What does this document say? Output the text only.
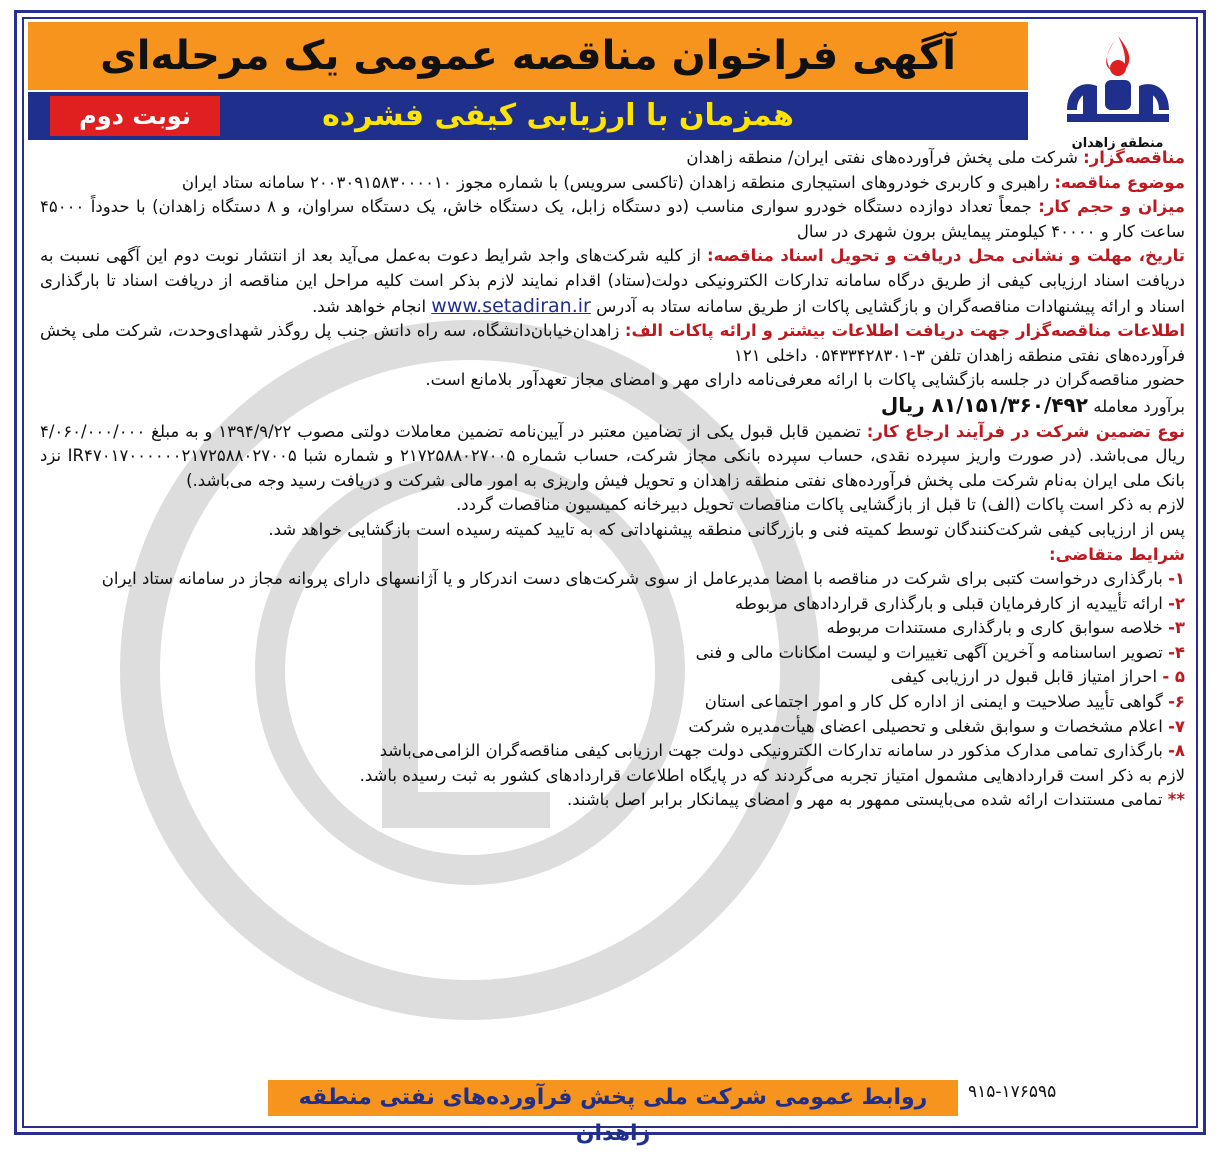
آگهی فراخوان مناقصه عمومی یک مرحله‌ای
نوبت دوم	همزمان با ارزیابی کیفی فشرده
منطقه زاهدان

مناقصه‌گزار: شرکت ملی پخش فرآورده‌های نفتی ایران/ منطقه زاهدان

موضوع مناقصه: راهبری و کاربری خودروهای استیجاری منطقه زاهدان (تاکسی سرویس) با شماره مجوز ۲۰۰۳۰۹۱۵۸۳۰۰۰۰۱۰ سامانه ستاد ایران

میزان و حجم کار: جمعاً تعداد دوازده دستگاه خودرو سواری مناسب (دو دستگاه زابل، یک دستگاه خاش، یک دستگاه سراوان، و ۸ دستگاه زاهدان) با حدوداً ۴۵۰۰۰ ساعت کار و ۴۰۰۰۰ کیلومتر پیمایش برون شهری در سال

تاریخ، مهلت و نشانی محل دریافت و تحویل اسناد مناقصه: از کلیه شرکت‌های واجد شرایط دعوت به‌عمل می‌آید بعد از انتشار نوبت دوم این آگهی نسبت به دریافت اسناد ارزیابی کیفی از طریق درگاه سامانه تدارکات الکترونیکی دولت(ستاد) اقدام نمایند لازم بذکر است کلیه مراحل این مناقصه از دریافت اسناد تا بارگذاری اسناد و ارائه پیشنهادات مناقصه‌گران و بازگشایی پاکات از طریق سامانه ستاد به آدرس www.setadiran.ir انجام خواهد شد.

اطلاعات مناقصه‌گزار جهت دریافت اطلاعات بیشتر و ارائه پاکات الف: زاهدان‌خیابان‌دانشگاه، سه راه دانش جنب پل روگذر شهدای‌وحدت، شرکت ملی پخش فرآورده‌های نفتی منطقه زاهدان تلفن ۳-۰۵۴۳۳۴۲۸۳۰۱ داخلی ۱۲۱

حضور مناقصه‌گران در جلسه بازگشایی پاکات با ارائه معرفی‌نامه دارای مهر و امضای مجاز تعهدآور بلامانع است.

برآورد معامله ۸۱/۱۵۱/۳۶۰/۴۹۲ ریال

نوع تضمین شرکت در فرآیند ارجاع کار: تضمین قابل قبول یکی از تضامین معتبر در آیین‌نامه تضمین معاملات دولتی مصوب ۱۳۹۴/۹/۲۲ و به مبلغ ۴/۰۶۰/۰۰۰/۰۰۰ ریال می‌باشد. (در صورت واریز سپرده نقدی، حساب سپرده بانکی مجاز شرکت، حساب شماره ۲۱۷۲۵۸۸۰۲۷۰۰۵ و شماره شبا IR۴۷۰۱۷۰۰۰۰۰۰۲۱۷۲۵۸۸۰۲۷۰۰۵ نزد بانک ملی ایران به‌نام شرکت ملی پخش فرآورده‌های نفتی منطقه زاهدان و تحویل فیش واریزی به امور مالی شرکت و دریافت رسید وجه می‌باشد.)

لازم به ذکر است پاکات (الف) تا قبل از بازگشایی پاکات مناقصات تحویل دبیرخانه کمیسیون مناقصات گردد.

پس از ارزیابی کیفی شرکت‌کنندگان توسط کمیته فنی و بازرگانی منطقه پیشنهاداتی که به تایید کمیته رسیده است بازگشایی خواهد شد.

شرایط متقاضی:

۱- بارگذاری درخواست کتبی برای شرکت در مناقصه با امضا مدیرعامل از سوی شرکت‌های دست اندرکار و یا آژانسهای دارای پروانه مجاز در سامانه ستاد ایران

۲- ارائه تأییدیه از کارفرمایان قبلی و بارگذاری قراردادهای مربوطه

۳- خلاصه سوابق کاری و بارگذاری مستندات مربوطه

۴- تصویر اساسنامه و آخرین آگهی تغییرات و لیست امکانات مالی و فنی

۵ - احراز امتیاز قابل قبول در ارزیابی کیفی

۶- گواهی تأیید صلاحیت و ایمنی از اداره کل کار و امور اجتماعی استان

۷- اعلام مشخصات و سوابق شغلی و تحصیلی اعضای هیأت‌مدیره شرکت

۸- بارگذاری تمامی مدارک مذکور در سامانه تدارکات الکترونیکی دولت جهت ارزیابی کیفی مناقصه‌گران الزامی‌می‌باشد

لازم به ذکر است قراردادهایی مشمول امتیاز تجربه می‌گردند که در پایگاه اطلاعات قراردادهای کشور به ثبت رسیده باشد.

** تمامی مستندات ارائه شده می‌بایستی ممهور به مهر و امضای پیمانکار برابر اصل باشند.

۹۱۵-۱۷۶۵۹۵
روابط عمومی شرکت ملی پخش فرآورده‌های نفتی منطقه زاهدان
